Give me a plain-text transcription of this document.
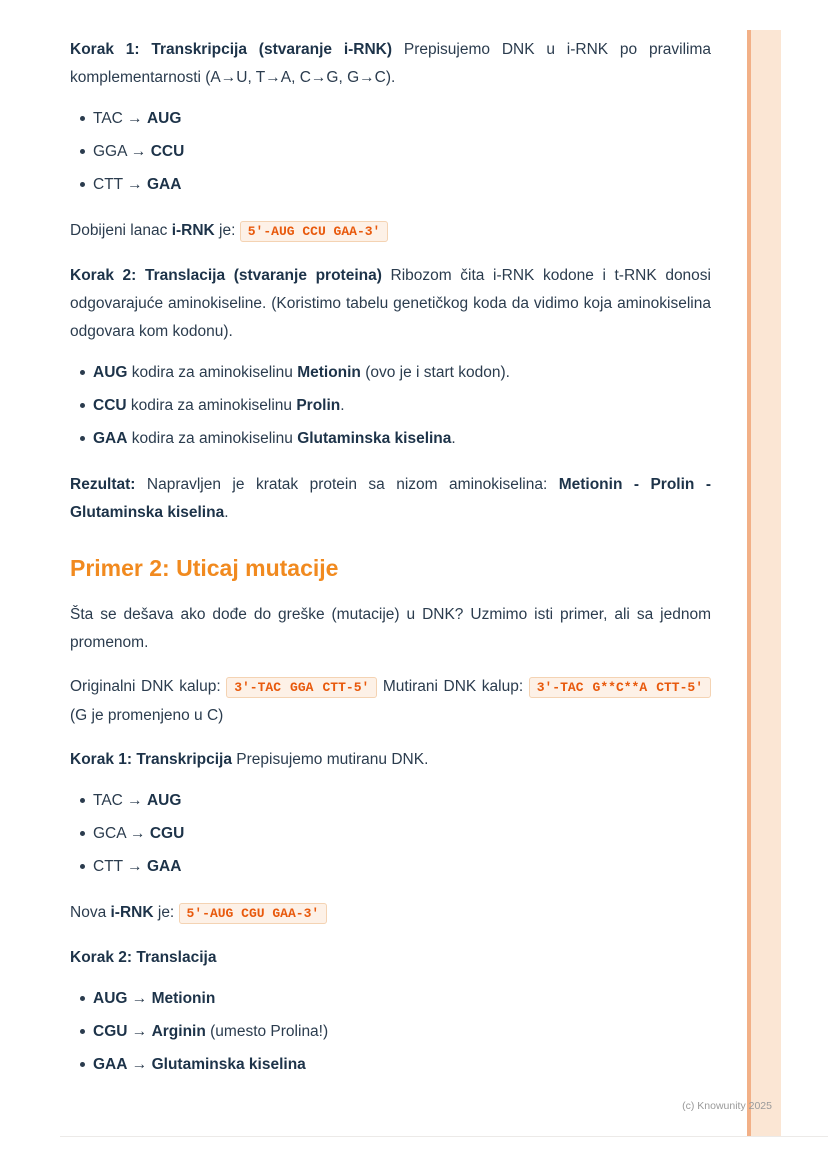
Korak 1: Transkripcija (stvaranje i-RNK) Prepisujemo DNK u i-RNK po pravilima komplementarnosti (A→U, T→A, C→G, G→C).

TAC → AUG
GGA → CCU
CTT → GAA

Dobijeni lanac i-RNK je: 5'-AUG CCU GAA-3'

Korak 2: Translacija (stvaranje proteina) Ribozom čita i-RNK kodone i t-RNK donosi odgovarajuće aminokiseline. (Koristimo tabelu genetičkog koda da vidimo koja aminokiselina odgovara kom kodonu).

AUG kodira za aminokiselinu Metionin (ovo je i start kodon).
CCU kodira za aminokiselinu Prolin.
GAA kodira za aminokiselinu Glutaminska kiselina.

Rezultat: Napravljen je kratak protein sa nizom aminokiselina: Metionin - Prolin - Glutaminska kiselina.

Primer 2: Uticaj mutacije

Šta se dešava ako dođe do greške (mutacije) u DNK? Uzmimo isti primer, ali sa jednom promenom.

Originalni DNK kalup: 3'-TAC GGA CTT-5' Mutirani DNK kalup: 3'-TAC G**C**A CTT-5' (G je promenjeno u C)

Korak 1: Transkripcija Prepisujemo mutiranu DNK.

TAC → AUG
GCA → CGU
CTT → GAA

Nova i-RNK je: 5'-AUG CGU GAA-3'

Korak 2: Translacija

AUG → Metionin
CGU → Arginin (umesto Prolina!)
GAA → Glutaminska kiselina
(c) Knowunity 2025
